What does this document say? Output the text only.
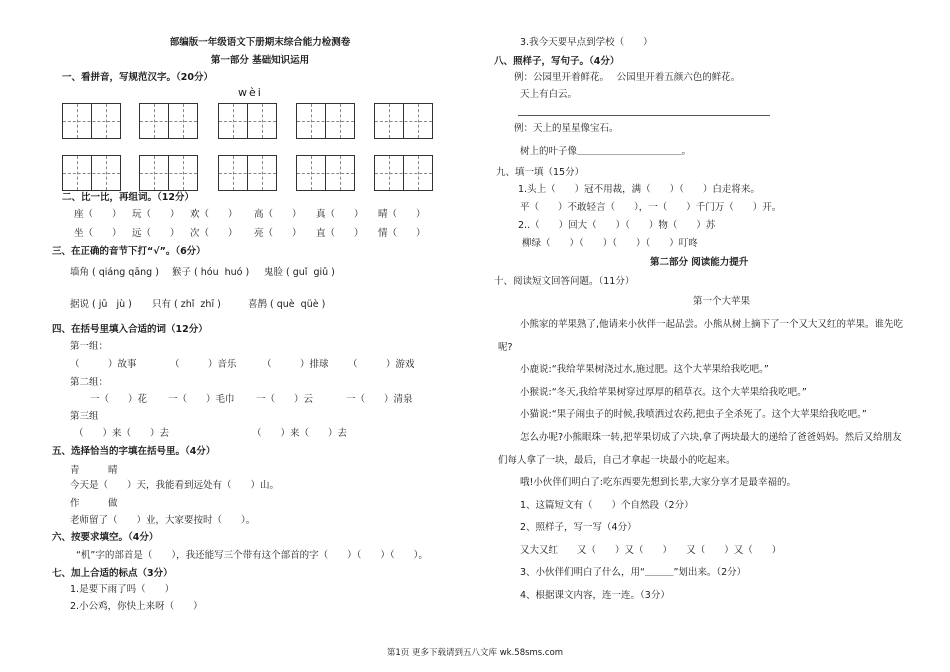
部编版一年级语文下册期末综合能力检测卷
第一部分 基础知识运用
一、看拼音，写规范汉字。（20分）
wèi
二、比一比，再组词。（12分）
座（　　） 玩（　　） 欢（　　） 高（　　） 真（　　） 晴（　　）
坐（　　） 远（　　） 次（　　） 亮（　　） 直（　　） 情（　　）
三、在正确的音节下打“√”。（6分）
墙角 ( qiáng qāng ) 猴子 ( hóu  huó ) 鬼脸 ( guǐ  giǔ )
据说 ( jū   jù ) 只有 ( zhǐ  zhī )	喜鹊 ( què  qüè )
四、在括号里填入合适的词（12分）
第一组：
（　　　）故事	（　　　）音乐	（　　　）排球 （　　　）游戏
第二组：
一（　　）花 一（　　）毛巾 一（　　）云	一（　　）清泉
第三组
（　　）来（　　）去	（　　）来（　　）去
五、选择恰当的字填在括号里。（4分）
青　　　晴
今天是（　　）天，我能看到远处有（　　）山。
作　　　做
老师留了（　　）业，大家要按时（　　）。
六、按要求填空。（4分）
“机”字的部首是（　　），我还能写三个带有这个部首的字（　　）（　　）（　　）。
七、加上合适的标点（3分）
1.是要下雨了吗（　　）
2.小公鸡，你快上来呀（　　）
3.我今天要早点到学校（　　）
八、照样子，写句子。（4分）
例：公园里开着鲜花。　 公园里开着五颜六色的鲜花。
天上有白云。
例：天上的星星像宝石。
树上的叶子像＿＿＿＿＿＿＿＿＿＿＿。
九、填一填（15分）
1.头上（　　）冠不用裁，满（　　）（　　）白走将来。
平（　　）不敢轻言（　　），一（　　）千门万（　　）开。
2..（　　）回大（　　）（　　）物（　　）苏
柳绿（　　）（　　）（　　）（　　）叮咚
第二部分 阅读能力提升
十、阅读短文回答问题。（11分）
第一个大苹果
小熊家的苹果熟了,他请来小伙伴一起品尝。小熊从树上摘下了一个又大又红的苹果。谁先吃
呢?
小鹿说:“我给苹果树浇过水,施过肥。这个大苹果给我吃吧。”
小猴说:“冬天,我给苹果树穿过厚厚的稻草衣。这个大苹果给我吃吧。”
小猫说:“果子闹虫子的时候,我喷洒过农药,把虫子全杀死了。这个大苹果给我吃吧。”
怎么办呢?小熊眼珠一转,把苹果切成了六块,拿了两块最大的递给了爸爸妈妈。然后又给朋友
们每人拿了一块，最后，自己才拿起一块最小的吃起来。
哦!小伙伴们明白了:吃东西要先想到长辈,大家分享才是最幸福的。
1、这篇短文有（　　）个自然段（2分）
2、照样子，写一写（4分）
又大又红　　又（　　）又（　　）　　又（　　）又（　　）
3、小伙伴们明白了什么，用“＿＿＿”划出来。（2分）
4、根据课文内容，连一连。（3分）
第1页 更多下载请到五八文库 wk.58sms.com
